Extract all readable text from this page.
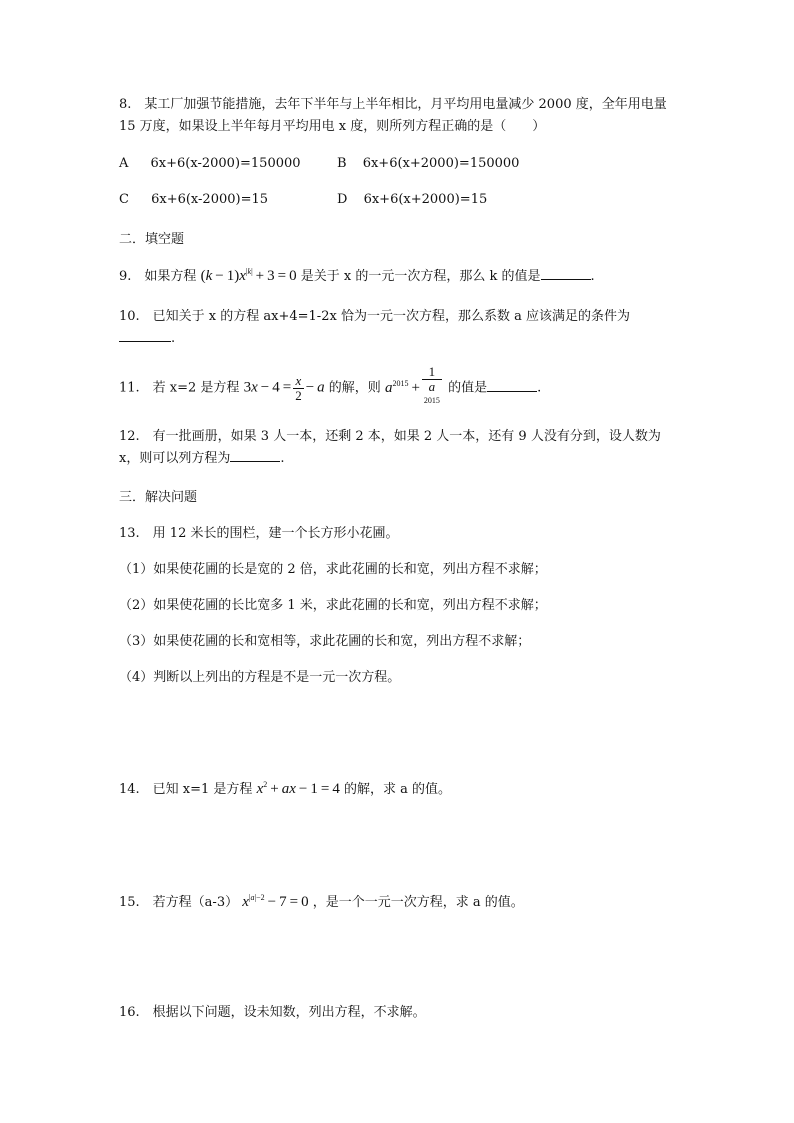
8.　某工厂加强节能措施，去年下半年与上半年相比，月平均用电量减少 2000 度，全年用电量 15 万度，如果设上半年每月平均用电 x 度，则所列方程正确的是（　　）
A 6x+6(x-2000)=150000	B 6x+6(x+2000)=150000
C 6x+6(x-2000)=15	D 6x+6(x+2000)=15
二．填空题
9.　 如果方程 $(k - 1)x^{|k|} + 3 = 0$ 是关于 x 的一元一次方程，那么 k 的值是	.
10.　已知关于 x 的方程 ax+4=1-2x 恰为一元一次方程，那么系数 a 应该满足的条件为.
11.　若 x=2 是方程 $3x - 4 = \frac{x}{2} - a$ 的解，则 $a^{2015} + 1$
a
$^{2015}$ 的值是	.
12.　有一批画册，如果 3 人一本，还剩 2 本，如果 2 人一本，还有 9 人没有分到，设人数为 x，则可以列方程为	.
三．解决问题
13.　用 12 米长的围栏，建一个长方形小花圃。
（1）如果使花圃的长是宽的 2 倍，求此花圃的长和宽，列出方程不求解；
（2）如果使花圃的长比宽多 1 米，求此花圃的长和宽，列出方程不求解；
（3）如果使花圃的长和宽相等，求此花圃的长和宽，列出方程不求解；
（4）判断以上列出的方程是不是一元一次方程。
14.　已知 x=1 是方程 $x^2$ + ax − 1 = 4 的解，求 a 的值。
15.　若方程（a-3） $x^{|a|-2} - 7 = 0$ ，是一个一元一次方程，求 a 的值。
16.　根据以下问题，设未知数，列出方程，不求解。
